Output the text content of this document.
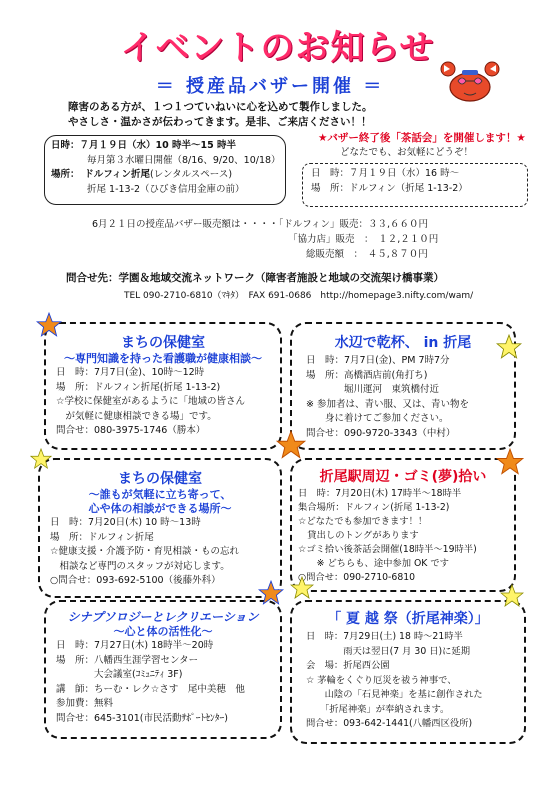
イベントのお知らせ
＝ 授産品バザー開催 ＝
障害のある方が、１つ１つていねいに心を込めて製作しました。
やさしさ・温かさが伝わってきます。是非、ご来店ください！！
日時：７月１９日（水）10 時半～15 時半
毎月第３水曜日開催（8/16、9/20、10/18）
場所：　ドルフィン折尾(レンタルスペース)
折尾 1-13-2（ひびき信用金庫の前）
★バザー終了後「茶話会」を開催します！★
どなたでも、お気軽にどうぞ！
日　時：７月１９日（水）16 時～
場　所：ドルフィン（折尾 1-13-2）
6月２１日の授産品バザー販売額は・・・・「ドルフィン」販売：３３,６６０円
「協力店」販売　：　１２,２１０円
総販売額　：　４５,８７０円
問合せ先：学園＆地域交流ネットワーク（障害者施設と地域の交流架け橋事業）
TEL 090-2710-6810（ﾏｷﾀ）　FAX 691-0686　http://homepage3.nifty.com/wam/
まちの保健室
～専門知識を持った看護職が健康相談～
日　時：7月7日(金)、10時～12時
場　所：ドルフィン折尾(折尾 1-13-2)
☆学校に保健室があるように「地域の皆さん
　が気軽に健康相談できる場」です。
問合せ：080-3975-1746（勝本）
水辺で乾杯、 in 折尾
日　時：7月7日(金)、PM 7時7分
場　所：高橋酒店前(角打ち)
　　　　堀川運河　東筑橋付近
※ 参加者は、青い服、又は、青い物を
　　身に着けてご参加ください。
問合せ：090-9720-3343（中村）
まちの保健室
～誰もが気軽に立ち寄って、
心や体の相談ができる場所～
日　時：7月20日(木) 10 時～13時
場　所：ドルフィン折尾
☆健康支援・介護予防・育児相談・もの忘れ
　相談など専門のスタッフが対応します。
○問合せ：093-692-5100（後藤外科）
折尾駅周辺・ゴミ(夢)拾い
日　時：7月20日(木) 17時半～18時半
集合場所：ドルフィン(折尾 1-13-2)
☆どなたでも参加できます！！
　貸出しのトングがあります
☆ゴミ拾い後茶話会開催(18時半～19時半)
　　※ どちらも、途中参加 OK です
○問合せ：090-2710-6810
シナプソロジーとレクリエーション
～心と体の活性化～
日　時：7月27日(木) 18時半～20時
場　所：八幡西生涯学習センター
　　　　大会議室(ｺﾐｭﾆﾃｨ 3F)
講　師：ちーむ・レク☆さす　尾中美穂　他
参加費：無料
問合せ：645-3101(市民活動ｻﾎﾟｰﾄｾﾝﾀｰ)
「 夏 越 祭（折尾神楽）」
日　時：7月29日(土) 18 時～21時半
　　　　雨天は翌日(7 月 30 日)に延期
会　場：折尾西公園
☆ 茅輪をくぐり厄災を祓う神事で、
　　山陰の「石見神楽」を基に創作された
　　「折尾神楽」が奉納されます。
問合せ：093-642-1441(八幡西区役所)
